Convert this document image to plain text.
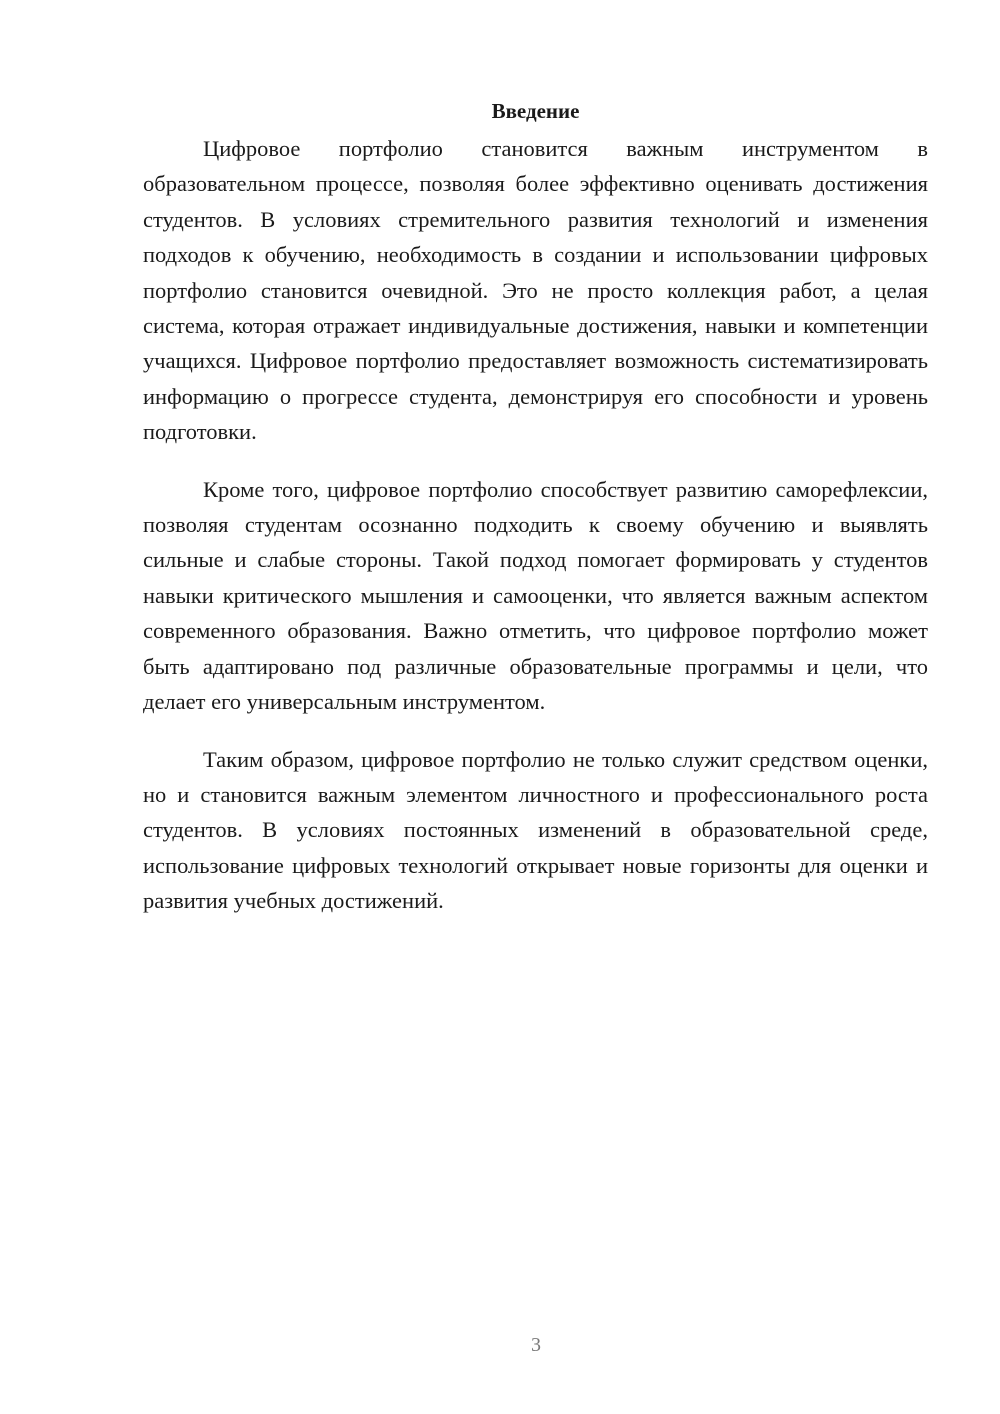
Введение

Цифровое портфолио становится важным инструментом в образовательном процессе, позволяя более эффективно оценивать достижения студентов. В условиях стремительного развития технологий и изменения подходов к обучению, необходимость в создании и использовании цифровых портфолио становится очевидной. Это не просто коллекция работ, а целая система, которая отражает индивидуальные достижения, навыки и компетенции учащихся. Цифровое портфолио предоставляет возможность систематизировать информацию о прогрессе студента, демонстрируя его способности и уровень подготовки.

Кроме того, цифровое портфолио способствует развитию саморефлексии, позволяя студентам осознанно подходить к своему обучению и выявлять сильные и слабые стороны. Такой подход помогает формировать у студентов навыки критического мышления и самооценки, что является важным аспектом современного образования. Важно отметить, что цифровое портфолио может быть адаптировано под различные образовательные программы и цели, что делает его универсальным инструментом.

Таким образом, цифровое портфолио не только служит средством оценки, но и становится важным элементом личностного и профессионального роста студентов. В условиях постоянных изменений в образовательной среде, использование цифровых технологий открывает новые горизонты для оценки и развития учебных достижений.

3
